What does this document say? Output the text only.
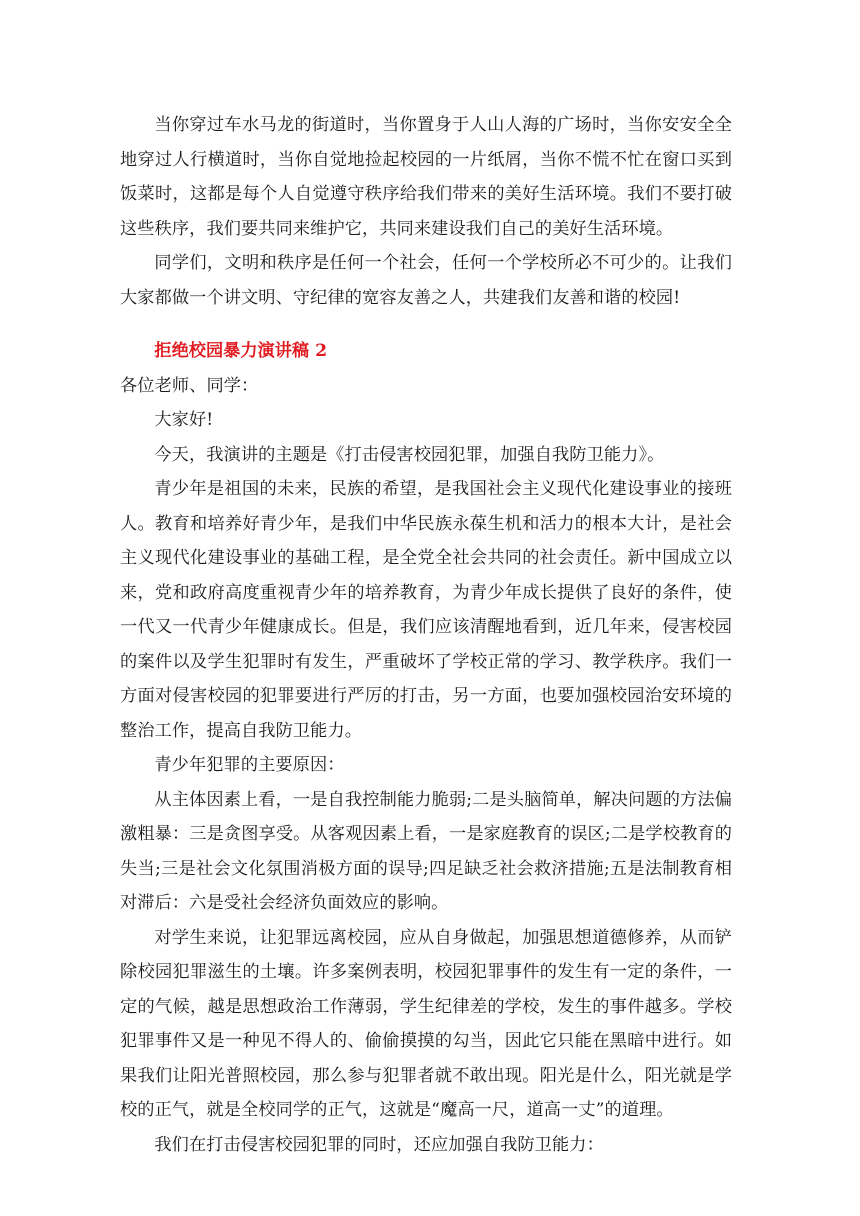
当你穿过车水马龙的街道时，当你置身于人山人海的广场时，当你安安全全地穿过人行横道时，当你自觉地捡起校园的一片纸屑，当你不慌不忙在窗口买到饭菜时，这都是每个人自觉遵守秩序给我们带来的美好生活环境。我们不要打破这些秩序，我们要共同来维护它，共同来建设我们自己的美好生活环境。

同学们，文明和秩序是任何一个社会，任何一个学校所必不可少的。让我们大家都做一个讲文明、守纪律的宽容友善之人，共建我们友善和谐的校园!

拒绝校园暴力演讲稿 2

各位老师、同学：

大家好!

今天，我演讲的主题是《打击侵害校园犯罪，加强自我防卫能力》。

青少年是祖国的未来，民族的希望，是我国社会主义现代化建设事业的接班人。教育和培养好青少年，是我们中华民族永葆生机和活力的根本大计，是社会主义现代化建设事业的基础工程，是全党全社会共同的社会责任。新中国成立以来，党和政府高度重视青少年的培养教育，为青少年成长提供了良好的条件，使一代又一代青少年健康成长。但是，我们应该清醒地看到，近几年来，侵害校园的案件以及学生犯罪时有发生，严重破坏了学校正常的学习、教学秩序。我们一方面对侵害校园的犯罪要进行严厉的打击，另一方面，也要加强校园治安环境的整治工作，提高自我防卫能力。

青少年犯罪的主要原因：

从主体因素上看，一是自我控制能力脆弱;二是头脑简单，解决问题的方法偏激粗暴：三是贪图享受。从客观因素上看，一是家庭教育的误区;二是学校教育的失当;三是社会文化氛围消极方面的误导;四足缺乏社会救济措施;五是法制教育相对滞后：六是受社会经济负面效应的影响。

对学生来说，让犯罪远离校园，应从自身做起，加强思想道德修养，从而铲除校园犯罪滋生的土壤。许多案例表明，校园犯罪事件的发生有一定的条件，一定的气候，越是思想政治工作薄弱，学生纪律差的学校，发生的事件越多。学校犯罪事件又是一种见不得人的、偷偷摸摸的勾当，因此它只能在黑暗中进行。如果我们让阳光普照校园，那么参与犯罪者就不敢出现。阳光是什么，阳光就是学校的正气，就是全校同学的正气，这就是“魔高一尺，道高一丈”的道理。

我们在打击侵害校园犯罪的同时，还应加强自我防卫能力：
